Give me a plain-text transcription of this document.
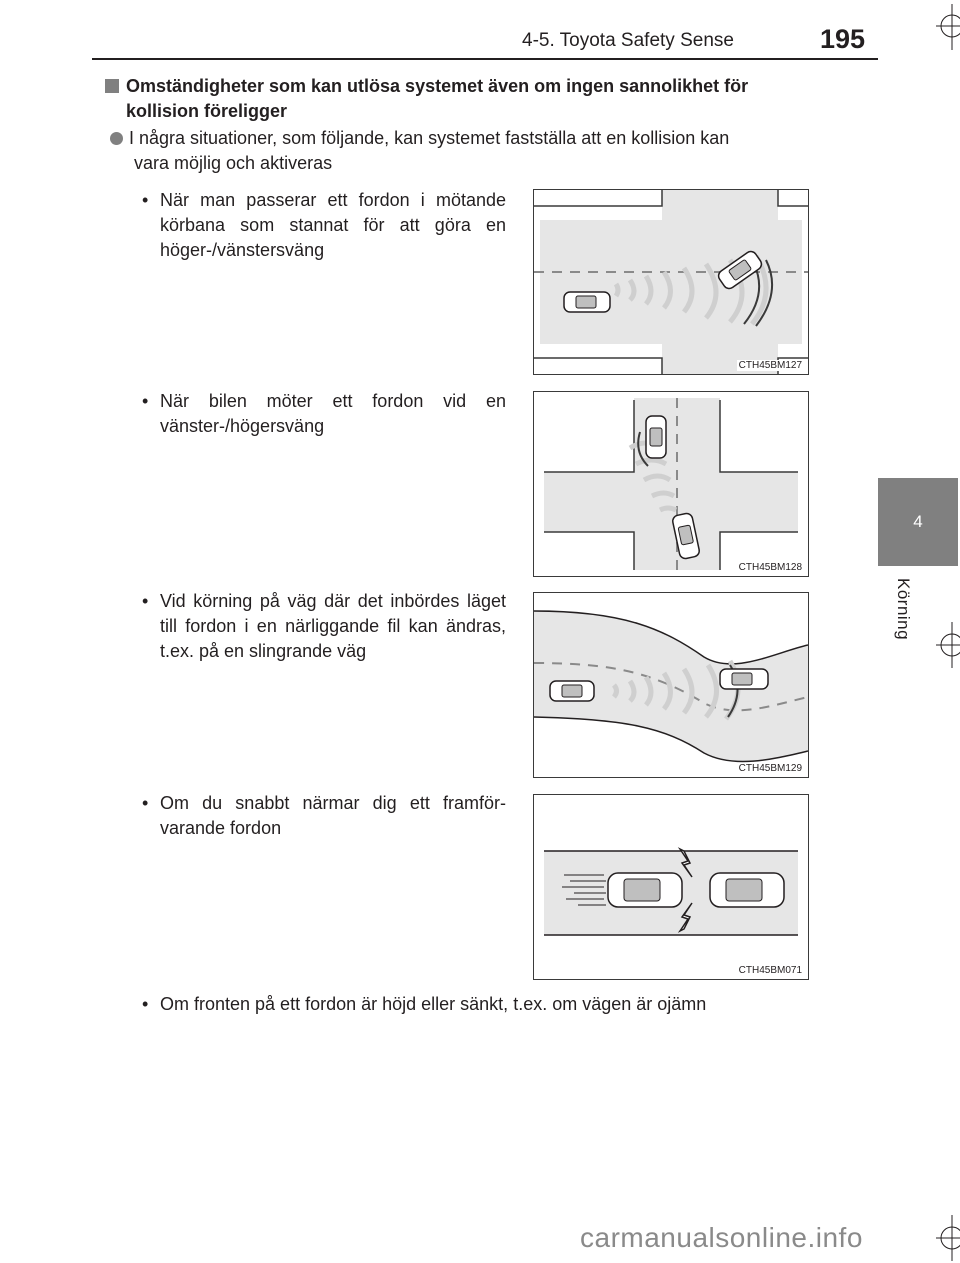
4-5. Toyota Safety Sense	195
4
Körning
Omständigheter som kan utlösa systemet även om ingen sannolikhet för
kollision föreligger
I några situationer, som följande, kan systemet fastställa att en kollision kan
vara möjlig och aktiveras
• När man passerar ett fordon i mötande körbana som stannat för att göra en höger-/vänstersväng
CTH45BM127
• När bilen möter ett fordon vid en vänster-/högersväng
CTH45BM128
• Vid körning på väg där det inbördes läget till fordon i en närliggande fil kan ändras, t.ex. på en slingrande väg
CTH45BM129
• Om du snabbt närmar dig ett framför-varande fordon
CTH45BM071
• Om fronten på ett fordon är höjd eller sänkt, t.ex. om vägen är ojämn
carmanualsonline.info
